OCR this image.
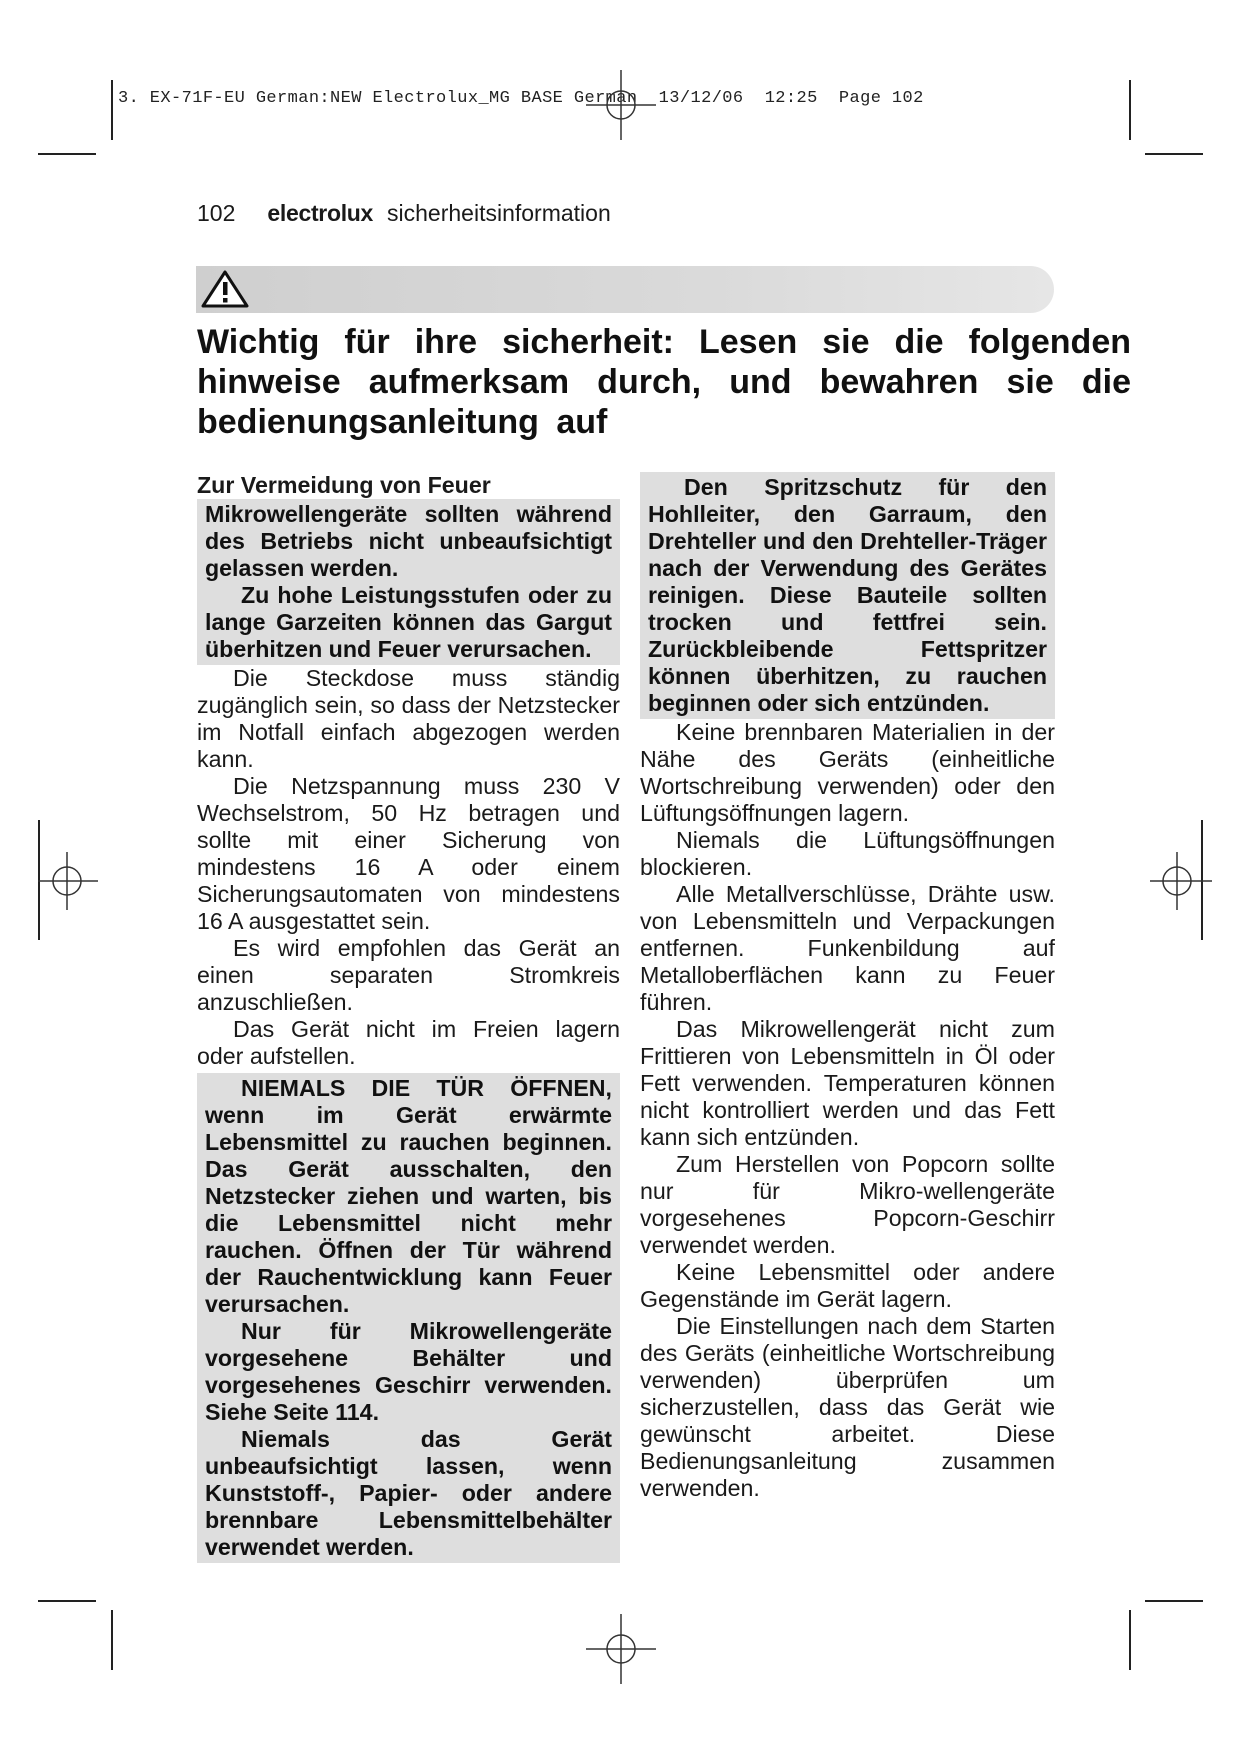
3. EX-71F-EU German:NEW Electrolux_MG BASE German  13/12/06  12:25  Page 102
102 electrolux sicherheitsinformation
Wichtig für ihre sicherheit: Lesen sie die folgenden hinweise aufmerksam durch, und bewahren sie die bedienungsanleitung auf

Zur Vermeidung von Feuer

Mikrowellengeräte sollten während des Betriebs nicht unbeaufsichtigt gelassen werden.

Zu hohe Leistungsstufen oder zu lange Garzeiten können das Gargut überhitzen und Feuer verursachen.

Die Steckdose muss ständig zugänglich sein, so dass der Netzstecker im Notfall einfach abgezogen werden kann.

Die Netzspannung muss 230 V Wechselstrom, 50 Hz betragen und sollte mit einer Sicherung von mindestens 16 A oder einem Sicherungsautomaten von mindestens 16 A ausgestattet sein.

Es wird empfohlen das Gerät an einen separaten Stromkreis anzuschließen.

Das Gerät nicht im Freien lagern oder aufstellen.

NIEMALS DIE TÜR ÖFFNEN, wenn im Gerät erwärmte Lebensmittel zu rauchen beginnen. Das Gerät ausschalten, den Netzstecker ziehen und warten, bis die Lebensmittel nicht mehr rauchen. Öffnen der Tür während der Rauchentwicklung kann Feuer verursachen.

Nur für Mikrowellengeräte vorgesehene Behälter und vorgesehenes Geschirr verwenden. Siehe Seite 114.

Niemals das Gerät unbeaufsichtigt lassen, wenn Kunststoff-, Papier- oder andere brennbare Lebensmittelbehälter verwendet werden.

Den Spritzschutz für den Hohlleiter, den Garraum, den Drehteller und den Drehteller-Träger nach der Verwendung des Gerätes reinigen. Diese Bauteile sollten trocken und fettfrei sein. Zurückbleibende Fettspritzer können überhitzen, zu rauchen beginnen oder sich entzünden.

Keine brennbaren Materialien in der Nähe des Geräts (einheitliche Wortschreibung verwenden) oder den Lüftungsöffnungen lagern.

Niemals die Lüftungsöffnungen blockieren.

Alle Metallverschlüsse, Drähte usw. von Lebensmitteln und Verpackungen entfernen. Funkenbildung auf Metalloberflächen kann zu Feuer führen.

Das Mikrowellengerät nicht zum Frittieren von Lebensmitteln in Öl oder Fett verwenden. Temperaturen können nicht kontrolliert werden und das Fett kann sich entzünden.

Zum Herstellen von Popcorn sollte nur für Mikro-wellengeräte vorgesehenes Popcorn-Geschirr verwendet werden.

Keine Lebensmittel oder andere Gegenstände im Gerät lagern.

Die Einstellungen nach dem Starten des Geräts (einheitliche Wortschreibung verwenden) überprüfen um sicherzustellen, dass das Gerät wie gewünscht arbeitet. Diese Bedienungsanleitung zusammen verwenden.
